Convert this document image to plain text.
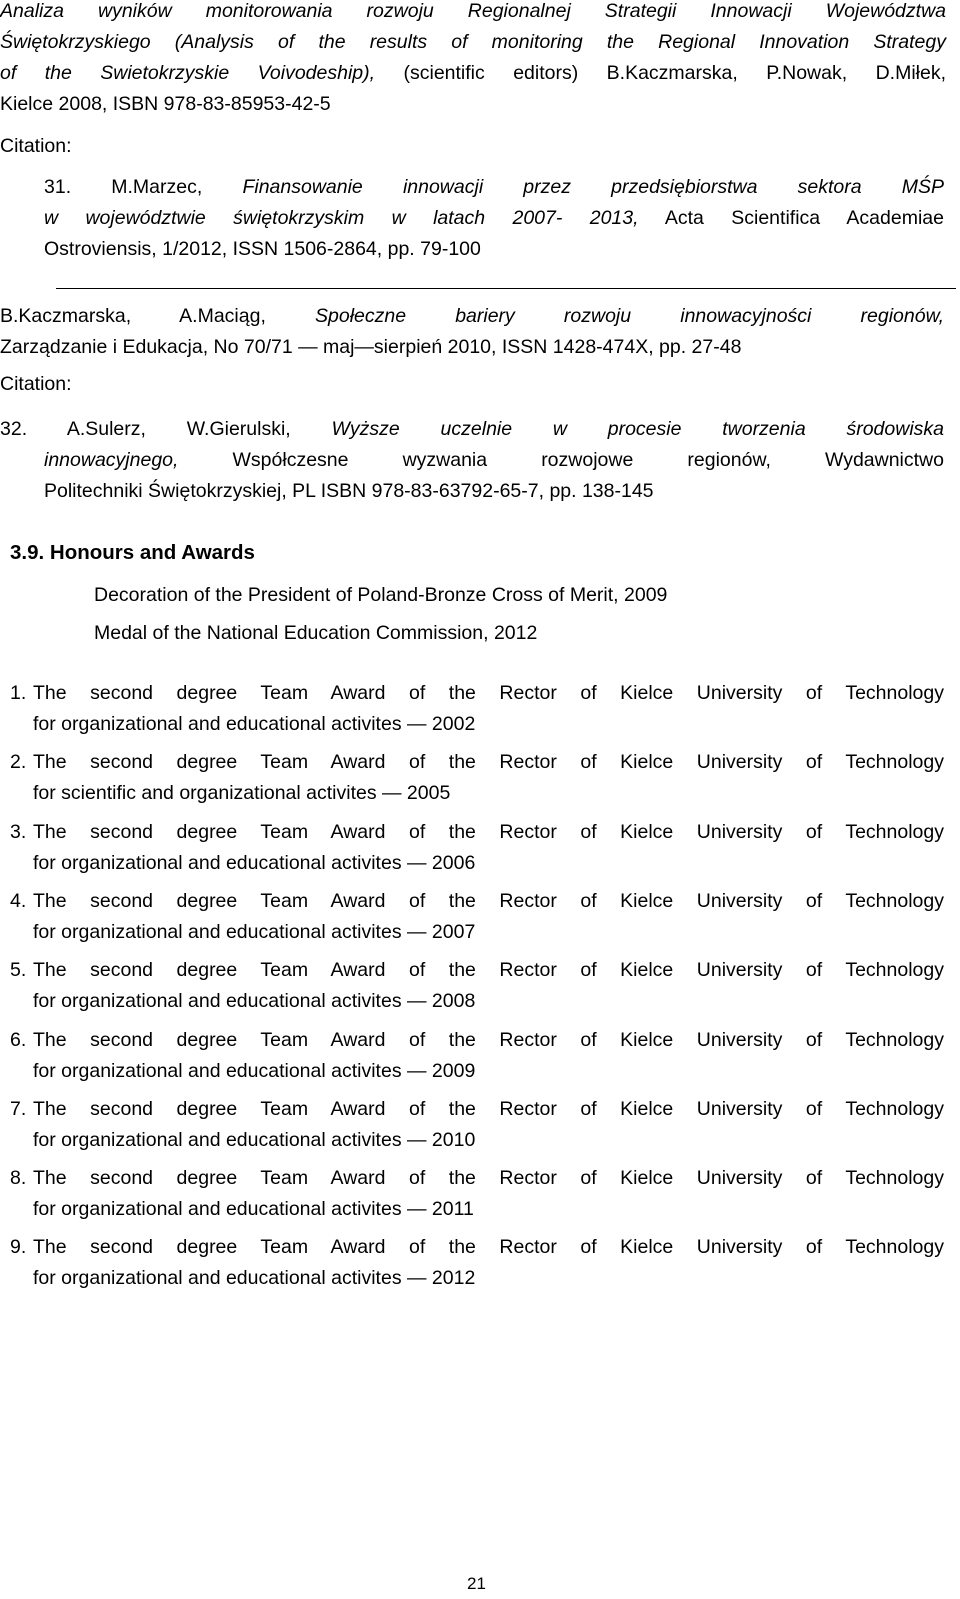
Analiza wyników monitorowania rozwoju Regionalnej Strategii Innowacji Województwa
Świętokrzyskiego (Analysis of the results of monitoring the Regional Innovation Strategy
of the Swietokrzyskie Voivodeship), (scientific editors) B.Kaczmarska, P.Nowak, D.Miłek,
Kielce 2008, ISBN 978-83-85953-42-5
Citation:
31. M.Marzec, Finansowanie innowacji przez przedsiębiorstwa sektora MŚP
w województwie świętokrzyskim w latach 2007- 2013, Acta Scientifica Academiae
Ostroviensis, 1/2012, ISSN 1506-2864, pp. 79-100
B.Kaczmarska, A.Maciąg, Społeczne bariery rozwoju innowacyjności regionów,
Zarządzanie i Edukacja, No 70/71 — maj—sierpień 2010, ISSN 1428-474X, pp. 27-48
Citation:
32. A.Sulerz, W.Gierulski, Wyższe uczelnie w procesie tworzenia środowiska
innowacyjnego, Współczesne wyzwania rozwojowe regionów, Wydawnictwo
Politechniki Świętokrzyskiej, PL ISBN 978-83-63792-65-7, pp. 138-145
3.9. Honours and Awards
Decoration of the President of Poland-Bronze Cross of Merit, 2009
Medal of the National Education Commission, 2012
1. The second degree Team Award of the Rector of Kielce University of Technology
for organizational and educational activites — 2002
2. The second degree Team Award of the Rector of Kielce University of Technology
for scientific and organizational activites — 2005
3. The second degree Team Award of the Rector of Kielce University of Technology
for organizational and educational activites — 2006
4. The second degree Team Award of the Rector of Kielce University of Technology
for organizational and educational activites — 2007
5. The second degree Team Award of the Rector of Kielce University of Technology
for organizational and educational activites — 2008
6. The second degree Team Award of the Rector of Kielce University of Technology
for organizational and educational activites — 2009
7. The second degree Team Award of the Rector of Kielce University of Technology
for organizational and educational activites — 2010
8. The second degree Team Award of the Rector of Kielce University of Technology
for organizational and educational activites — 2011
9. The second degree Team Award of the Rector of Kielce University of Technology
for organizational and educational activites — 2012
21
